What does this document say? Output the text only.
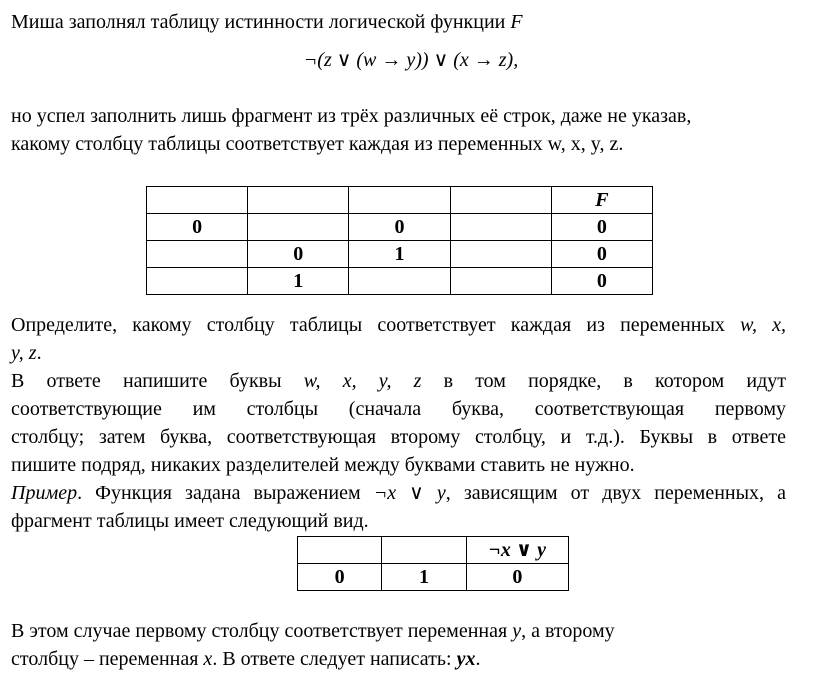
Миша заполнял таблицу истинности логической функции F
¬(z ∨ (w → y)) ∨ (x → z),
но успел заполнить лишь фрагмент из трёх различных её строк, даже не указав,
какому столбцу таблицы соответствует каждая из переменных w, x, y, z.
				F
0		0		0
	0	1		0
	1			0
Определите, какому столбцу таблицы соответствует каждая из переменных w, x,
y, z.
В ответе напишите буквы w, x, y, z в том порядке, в котором идут
соответствующие им столбцы (сначала буква, соответствующая первому
столбцу; затем буква, соответствующая второму столбцу, и т.д.). Буквы в ответе
пишите подряд, никаких разделителей между буквами ставить не нужно.
Пример. Функция задана выражением ¬x ∨ y, зависящим от двух переменных, а
фрагмент таблицы имеет следующий вид.
		¬x ∨ y
0	1	0
В этом случае первому столбцу соответствует переменная y, а второму
столбцу – переменная x. В ответе следует написать: yx.
